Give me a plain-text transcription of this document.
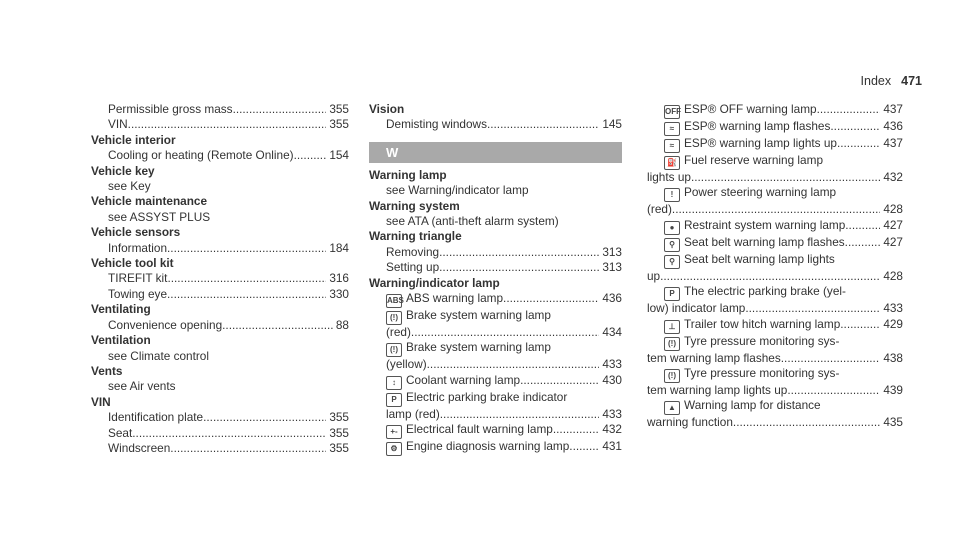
Index 471
Permissible gross mass .....	355
VIN .....	355
Vehicle interior
Cooling or heating (Remote Online) .....	154
Vehicle key
see Key
Vehicle maintenance
see ASSYST PLUS
Vehicle sensors
Information .....	184
Vehicle tool kit
TIREFIT kit .....	316
Towing eye .....	330
Ventilating
Convenience opening .....	88
Ventilation
see Climate control
Vents
see Air vents
VIN
Identification plate .....	355
Seat .....	355
Windscreen .....	355
Vision
Demisting windows .....	145
W
Warning lamp
see Warning/indicator lamp
Warning system
see ATA (anti-theft alarm system)
Warning triangle
Removing .....	313
Setting up .....	313
Warning/indicator lamp
ABS ABS warning lamp .....	436
(!) Brake system warning lamp
(red) .....	434
(!) Brake system warning lamp
(yellow) .....	433
↕ Coolant warning lamp .....	430
P Electric parking brake indicator
lamp (red) .....	433
+- Electrical fault warning lamp .....	432
⚙ Engine diagnosis warning lamp .....	431
OFF ESP® OFF warning lamp .....	437
≈ ESP® warning lamp flashes .....	436
≈ ESP® warning lamp lights up .....	437
⛽ Fuel reserve warning lamp
lights up .....	432
! Power steering warning lamp
(red) .....	428
● Restraint system warning lamp .....	427
⚲ Seat belt warning lamp flashes .....	427
⚲ Seat belt warning lamp lights
up .....	428
P The electric parking brake (yel-
low) indicator lamp .....	433
⊥ Trailer tow hitch warning lamp .....	429
(!) Tyre pressure monitoring sys-
tem warning lamp flashes .....	438
(!) Tyre pressure monitoring sys-
tem warning lamp lights up .....	439
▲ Warning lamp for distance
warning function .....	435
